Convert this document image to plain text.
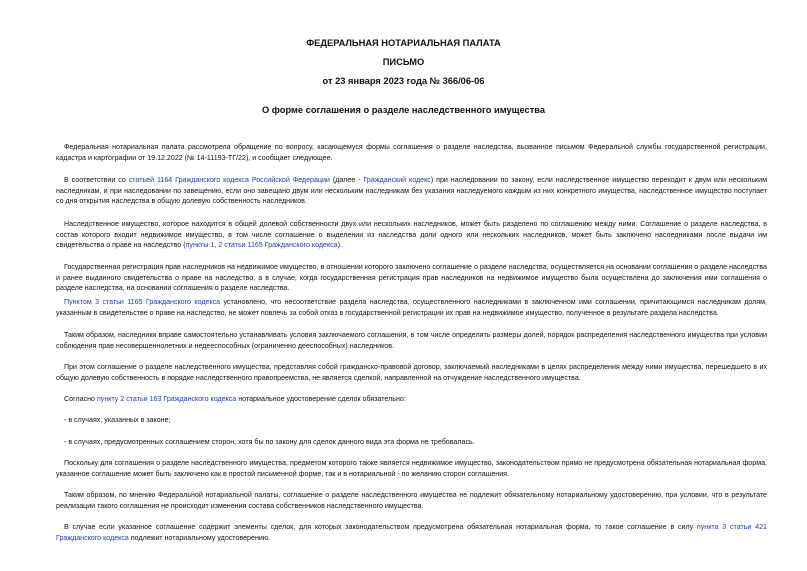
ФЕДЕРАЛЬНАЯ НОТАРИАЛЬНАЯ ПАЛАТА
ПИСЬМО
от 23 января 2023 года № 366/06-06
О форме соглашения о разделе наследственного имущества

Федеральная нотариальная палата рассмотрела обращение по вопросу, касающемуся формы соглашения о разделе наследства, вызванное письмом Федеральной службы государственной регистрации, кадастра и картографии от 19.12.2022 (№ 14-11193-ТГ/22), и сообщает следующее.

В соответствии со статьей 1164 Гражданского кодекса Российской Федерации (далее - Гражданский кодекс) при наследовании по закону, если наследственное имущество переходит к двум или нескольким наследникам, и при наследовании по завещению, если оно завещано двум или нескольким наследникам без указания наследуемого каждым из них конкретного имущества, наследственное имущество поступает со дня открытия наследства в общую долевую собственность наследников.

Наследственное имущество, которое находится в общей долевой собственности двух или нескольких наследников, может быть разделено по соглашению между ними. Соглашение о разделе наследства, в состав которого входит недвижимое имущество, в том числе соглашение о выделении из наследства доли одного или нескольких наследников, может быть заключено наследниками после выдачи им свидетельства о праве на наследство (пункты 1, 2 статьи 1165 Гражданского кодекса).

Государственная регистрация прав наследников на недвижимое имущество, в отношении которого заключено соглашение о разделе наследства, осуществляется на основании соглашения о разделе наследства и ранее выданного свидетельства о праве на наследство, а в случае, когда государственная регистрация прав наследников на недвижимое имущество была осуществлена до заключения ими соглашения о разделе наследства, на основании соглашения о разделе наследства.

Пунктом 3 статьи 1165 Гражданского кодекса установлено, что несоответствие раздела наследства, осуществленного наследниками в заключенном ими соглашении, причитающимся наследникам долям, указанным в свидетельстве о праве на наследство, не может повлечь за собой отказ в государственной регистрации их прав на недвижимое имущество, полученное в результате раздела наследства.

Таким образом, наследники вправе самостоятельно устанавливать условия заключаемого соглашения, в том числе определять размеры долей, порядок распределения наследственного имущества при условии соблюдения прав несовершеннолетних и недееспособных (ограниченно дееспособных) наследников.

При этом соглашение о разделе наследственного имущества, представляя собой гражданско-правовой договор, заключаемый наследниками в целях распределения между ними имущества, перешедшего в их общую долевую собственность в порядке наследственного правопреемства, не является сделкой, направленной на отчуждение наследственного имущества.

Согласно пункту 2 статьи 163 Гражданского кодекса нотариальное удостоверение сделок обязательно:

- в случаях, указанных в законе;

- в случаях, предусмотренных соглашением сторон, хотя бы по закону для сделок данного вида эта форма не требовалась.

Поскольку для соглашения о разделе наследственного имущества, предметом которого также является недвижимое имущество, законодательством прямо не предусмотрена обязательная нотариальная форма, указанное соглашение может быть заключено как в простой письменной форме, так и в нотариальной - по желанию сторон соглашения.

Таким образом, по мнению Федеральной нотариальной палаты, соглашение о разделе наследственного имущества не подлежит обязательному нотариальному удостоверению, при условии, что в результате реализации такого соглашения не происходит изменения состава собственников наследственного имущества.

В случае если указанное соглашение содержит элементы сделок, для которых законодательством предусмотрена обязательная нотариальная форма, то такое соглашение в силу пункта 3 статьи 421 Гражданского кодекса подлежит нотариальному удостоверению.
